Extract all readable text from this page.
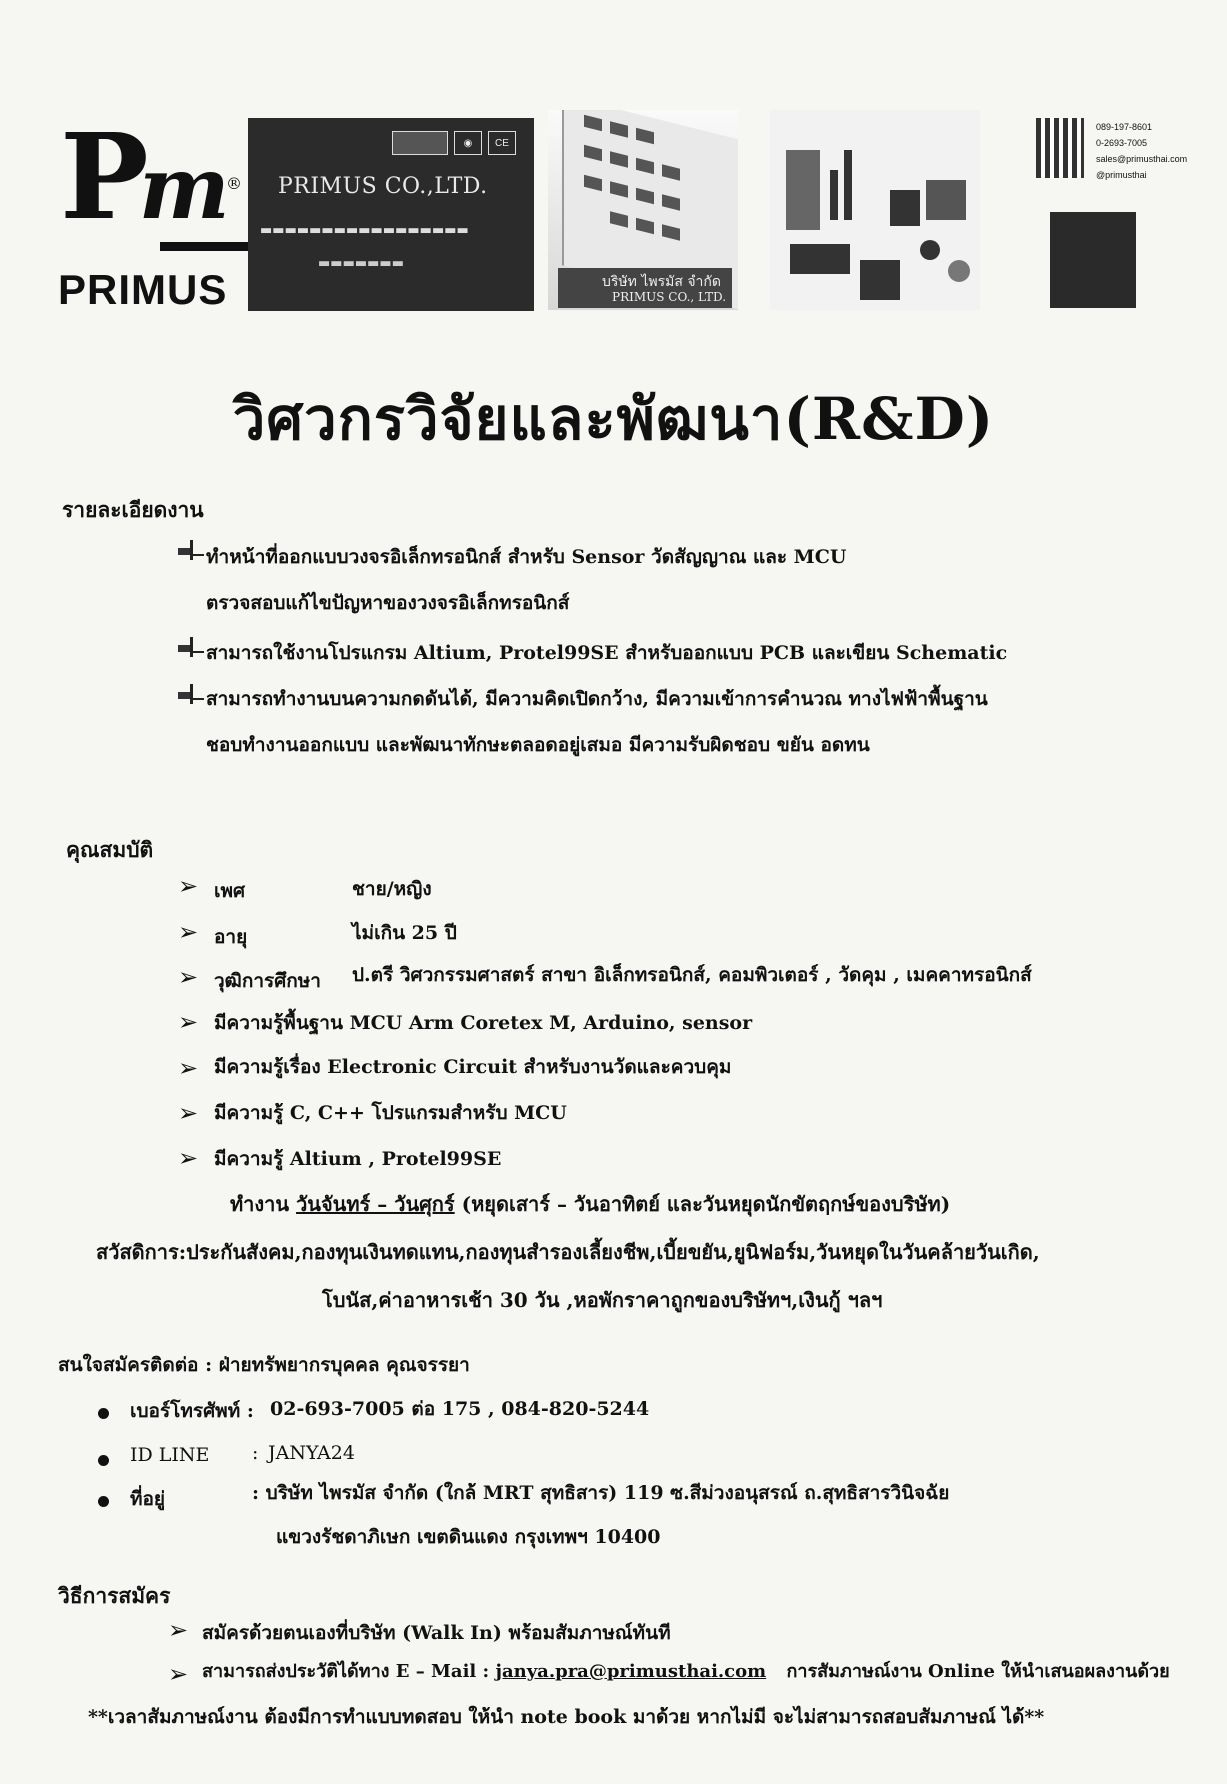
Pm ®
PRIMUS
◉	CE
PRIMUS CO.,LTD.
▬▬▬▬▬▬▬▬▬▬▬▬▬▬▬▬▬
▬▬▬▬▬▬▬
บริษัท ไพรมัส จำกัด
PRIMUS CO., LTD.
089-197-8601
0-2693-7005
sales@primusthai.com
@primusthai
วิศวกรวิจัยและพัฒนา(R&D)
รายละเอียดงาน
ทำหน้าที่ออกแบบวงจรอิเล็กทรอนิกส์ สำหรับ Sensor วัดสัญญาณ และ MCU
ตรวจสอบแก้ไขปัญหาของวงจรอิเล็กทรอนิกส์
สามารถใช้งานโปรแกรม Altium, Protel99SE สำหรับออกแบบ PCB และเขียน Schematic
สามารถทำงานบนความกดดันได้, มีความคิดเปิดกว้าง, มีความเข้าการคำนวณ ทางไฟฟ้าพื้นฐาน
ชอบทำงานออกแบบ และพัฒนาทักษะตลอดอยู่เสมอ มีความรับผิดชอบ ขยัน อดทน
คุณสมบัติ
➢ เพศ	ชาย/หญิง
➢ อายุ	ไม่เกิน 25 ปี
➢ วุฒิการศึกษา ป.ตรี วิศวกรรมศาสตร์ สาขา อิเล็กทรอนิกส์, คอมพิวเตอร์ , วัดคุม , เมคคาทรอนิกส์
➢ มีความรู้พื้นฐาน MCU Arm Coretex M, Arduino, sensor
➢ มีความรู้เรื่อง Electronic Circuit สำหรับงานวัดและควบคุม
➢ มีความรู้ C, C++ โปรแกรมสำหรับ MCU
➢ มีความรู้ Altium , Protel99SE
ทำงาน วันจันทร์ – วันศุกร์ (หยุดเสาร์ – วันอาทิตย์ และวันหยุดนักขัตฤกษ์ของบริษัท)
สวัสดิการ:ประกันสังคม,กองทุนเงินทดแทน,กองทุนสำรองเลี้ยงชีพ,เบี้ยขยัน,ยูนิฟอร์ม,วันหยุดในวันคล้ายวันเกิด,
โบนัส,ค่าอาหารเช้า 30 วัน ,หอพักราคาถูกของบริษัทฯ,เงินกู้ ฯลฯ
สนใจสมัครติดต่อ : ฝ่ายทรัพยากรบุคคล คุณจรรยา
เบอร์โทรศัพท์ : 02-693-7005 ต่อ 175 , 084-820-5244
ID LINE : JANYA24
ที่อยู่	: บริษัท ไพรมัส จำกัด (ใกล้ MRT สุทธิสาร) 119 ซ.สีม่วงอนุสรณ์ ถ.สุทธิสารวินิจฉัย
แขวงรัชดาภิเษก เขตดินแดง กรุงเทพฯ 10400
วิธีการสมัคร
➢ สมัครด้วยตนเองที่บริษัท (Walk In) พร้อมสัมภาษณ์ทันที
➢ สามารถส่งประวัติได้ทาง E – Mail : janya.pra@primusthai.com การสัมภาษณ์งาน Online ให้นำเสนอผลงานด้วย
**เวลาสัมภาษณ์งาน ต้องมีการทำแบบทดสอบ ให้นำ note book มาด้วย หากไม่มี จะไม่สามารถสอบสัมภาษณ์ ได้**
